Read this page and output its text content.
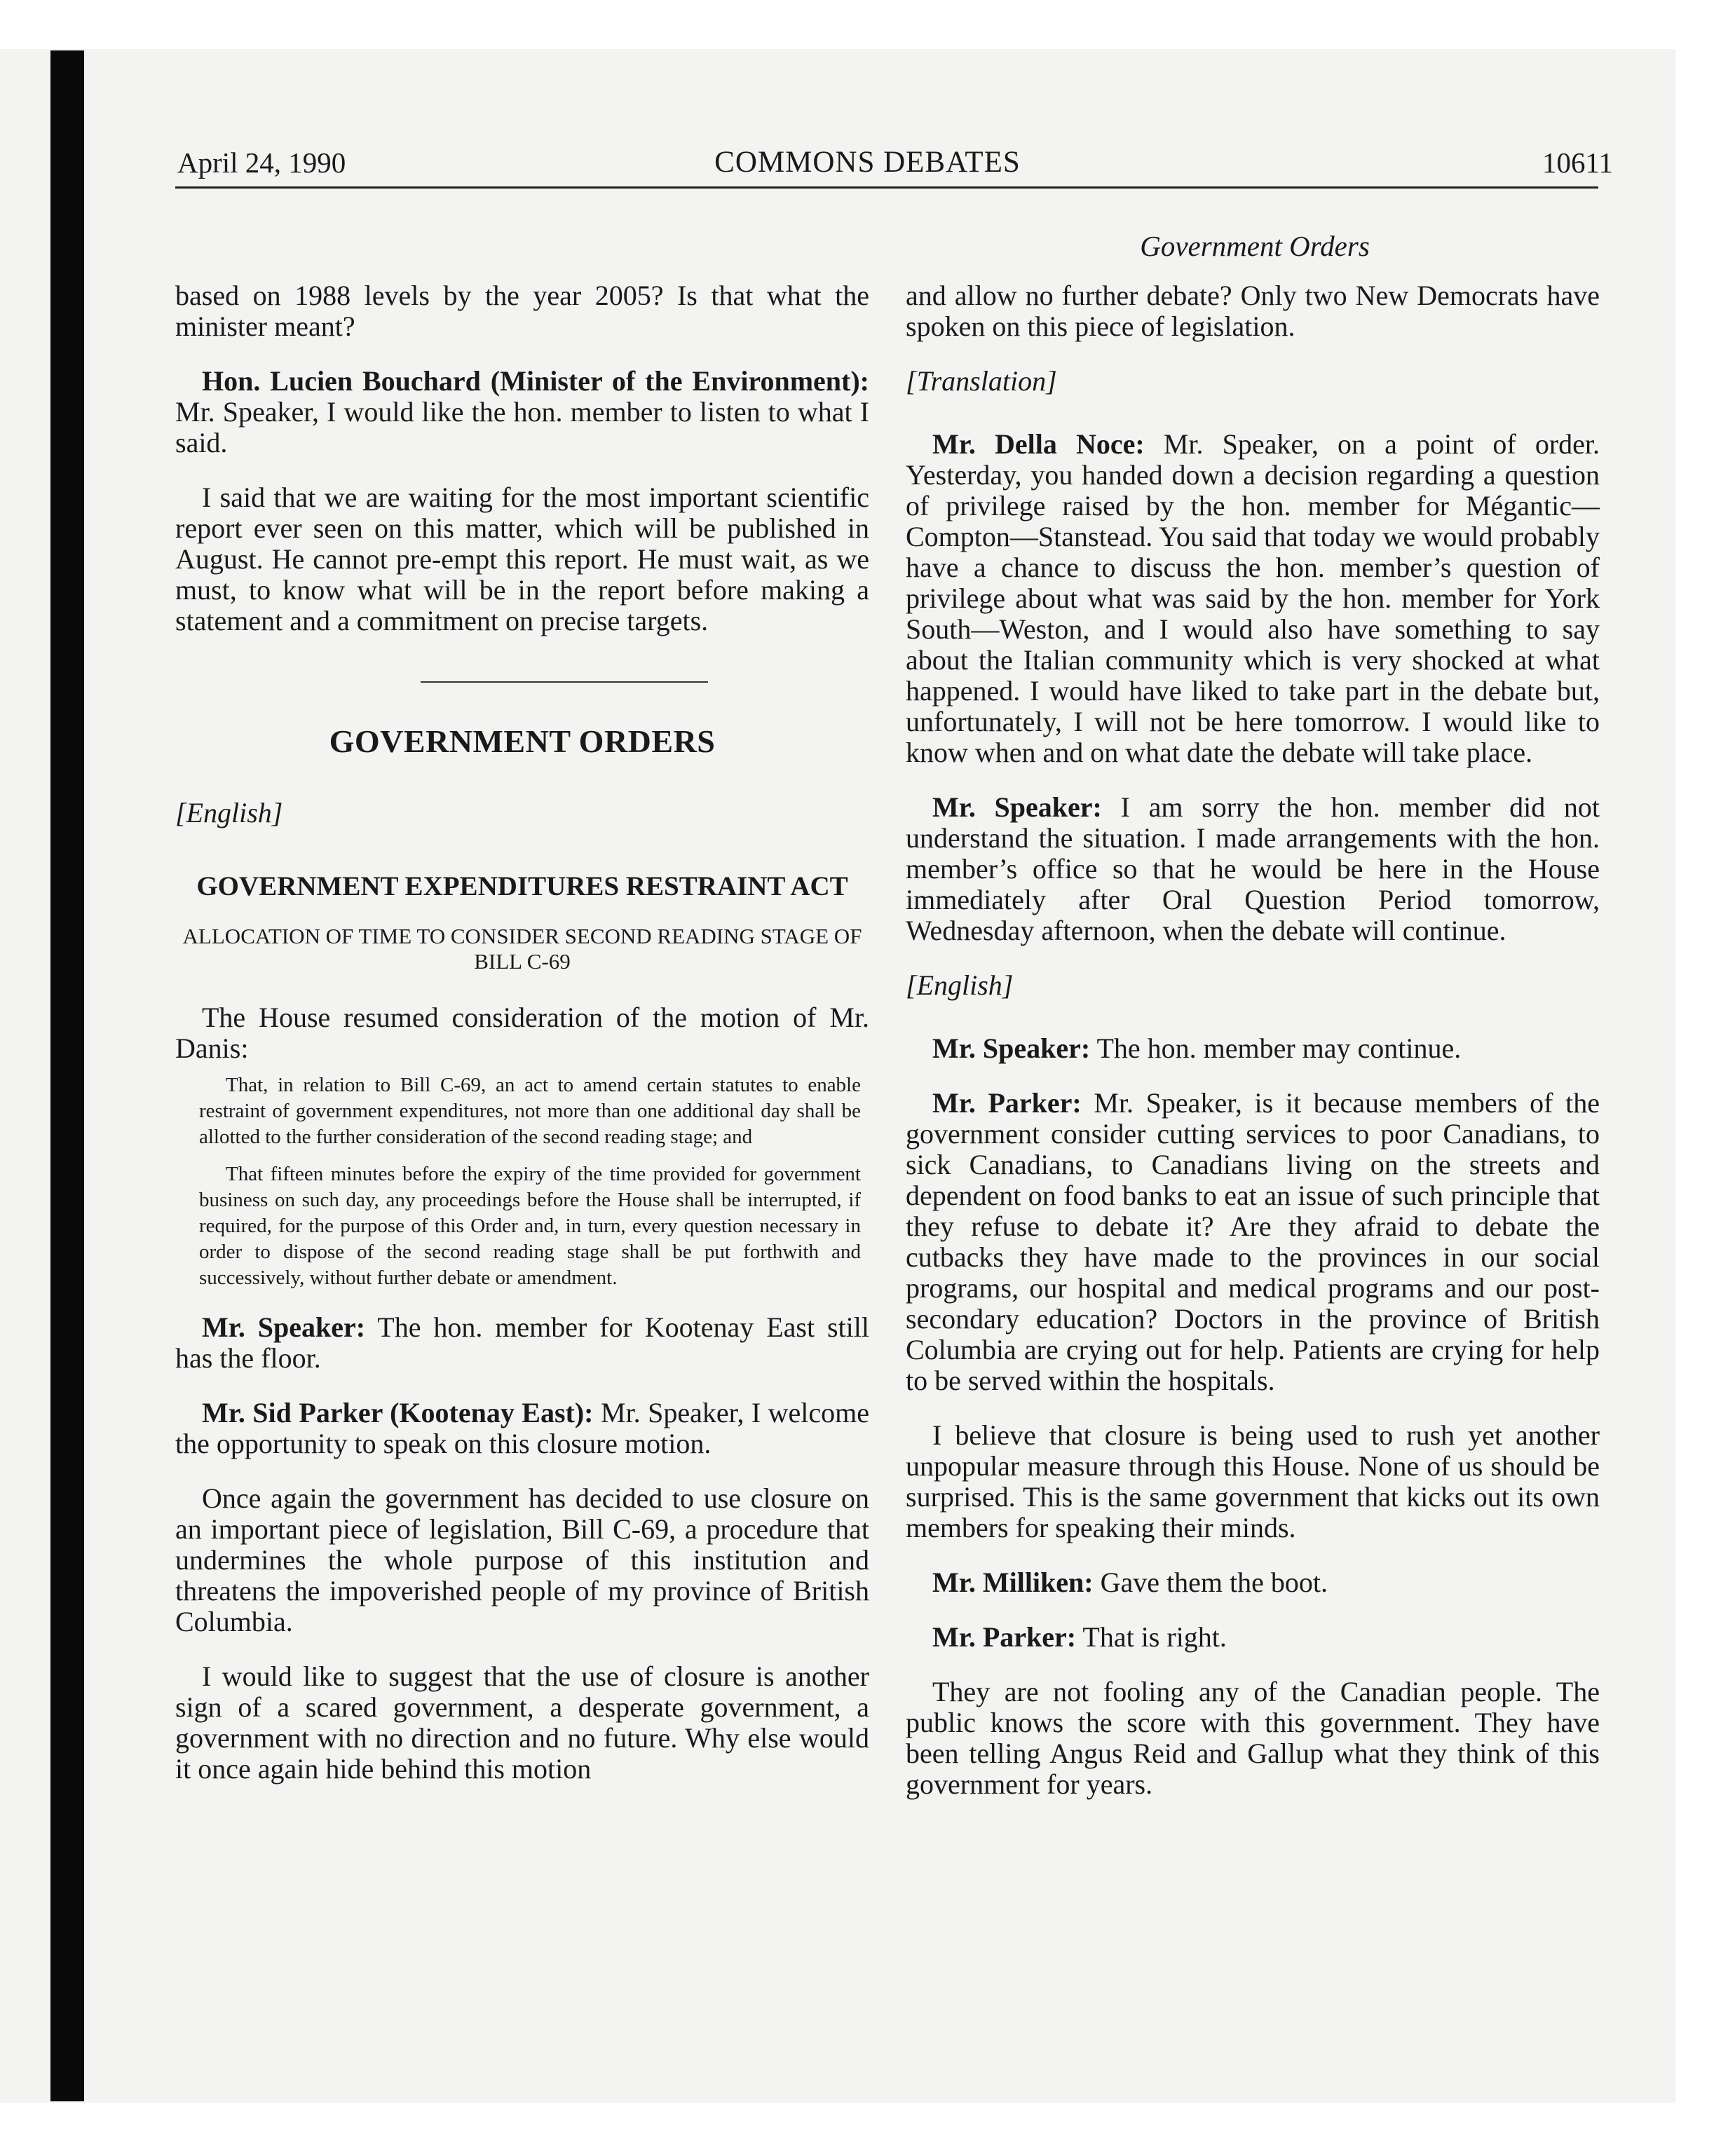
April 24, 1990	COMMONS DEBATES	10611
Government Orders

based on 1988 levels by the year 2005? Is that what the minister meant?

Hon. Lucien Bouchard (Minister of the Environment): Mr. Speaker, I would like the hon. member to listen to what I said.

I said that we are waiting for the most important scientific report ever seen on this matter, which will be published in August. He cannot pre-empt this report. He must wait, as we must, to know what will be in the report before making a statement and a commitment on precise targets.

GOVERNMENT ORDERS

[English]

GOVERNMENT EXPENDITURES RESTRAINT ACT
ALLOCATION OF TIME TO CONSIDER SECOND READING STAGE OF BILL C-69

The House resumed consideration of the motion of Mr. Danis:

That, in relation to Bill C-69, an act to amend certain statutes to enable restraint of government expenditures, not more than one additional day shall be allotted to the further consideration of the second reading stage; and
That fifteen minutes before the expiry of the time provided for government business on such day, any proceedings before the House shall be interrupted, if required, for the purpose of this Order and, in turn, every question necessary in order to dispose of the second reading stage shall be put forthwith and successively, without further debate or amendment.

Mr. Speaker: The hon. member for Kootenay East still has the floor.

Mr. Sid Parker (Kootenay East): Mr. Speaker, I welcome the opportunity to speak on this closure motion.

Once again the government has decided to use closure on an important piece of legislation, Bill C-69, a procedure that undermines the whole purpose of this institution and threatens the impoverished people of my province of British Columbia.

I would like to suggest that the use of closure is another sign of a scared government, a desperate government, a government with no direction and no future. Why else would it once again hide behind this motion

and allow no further debate? Only two New Democrats have spoken on this piece of legislation.

[Translation]

Mr. Della Noce: Mr. Speaker, on a point of order. Yesterday, you handed down a decision regarding a question of privilege raised by the hon. member for Mégantic—Compton—Stanstead. You said that today we would probably have a chance to discuss the hon. member’s question of privilege about what was said by the hon. member for York South—Weston, and I would also have something to say about the Italian community which is very shocked at what happened. I would have liked to take part in the debate but, unfortunately, I will not be here tomorrow. I would like to know when and on what date the debate will take place.

Mr. Speaker: I am sorry the hon. member did not understand the situation. I made arrangements with the hon. member’s office so that he would be here in the House immediately after Oral Question Period tomorrow, Wednesday afternoon, when the debate will continue.

[English]

Mr. Speaker: The hon. member may continue.

Mr. Parker: Mr. Speaker, is it because members of the government consider cutting services to poor Canadians, to sick Canadians, to Canadians living on the streets and dependent on food banks to eat an issue of such principle that they refuse to debate it? Are they afraid to debate the cutbacks they have made to the provinces in our social programs, our hospital and medical programs and our post-secondary education? Doctors in the province of British Columbia are crying out for help. Patients are crying for help to be served within the hospitals.

I believe that closure is being used to rush yet another unpopular measure through this House. None of us should be surprised. This is the same government that kicks out its own members for speaking their minds.

Mr. Milliken: Gave them the boot.

Mr. Parker: That is right.

They are not fooling any of the Canadian people. The public knows the score with this government. They have been telling Angus Reid and Gallup what they think of this government for years.
